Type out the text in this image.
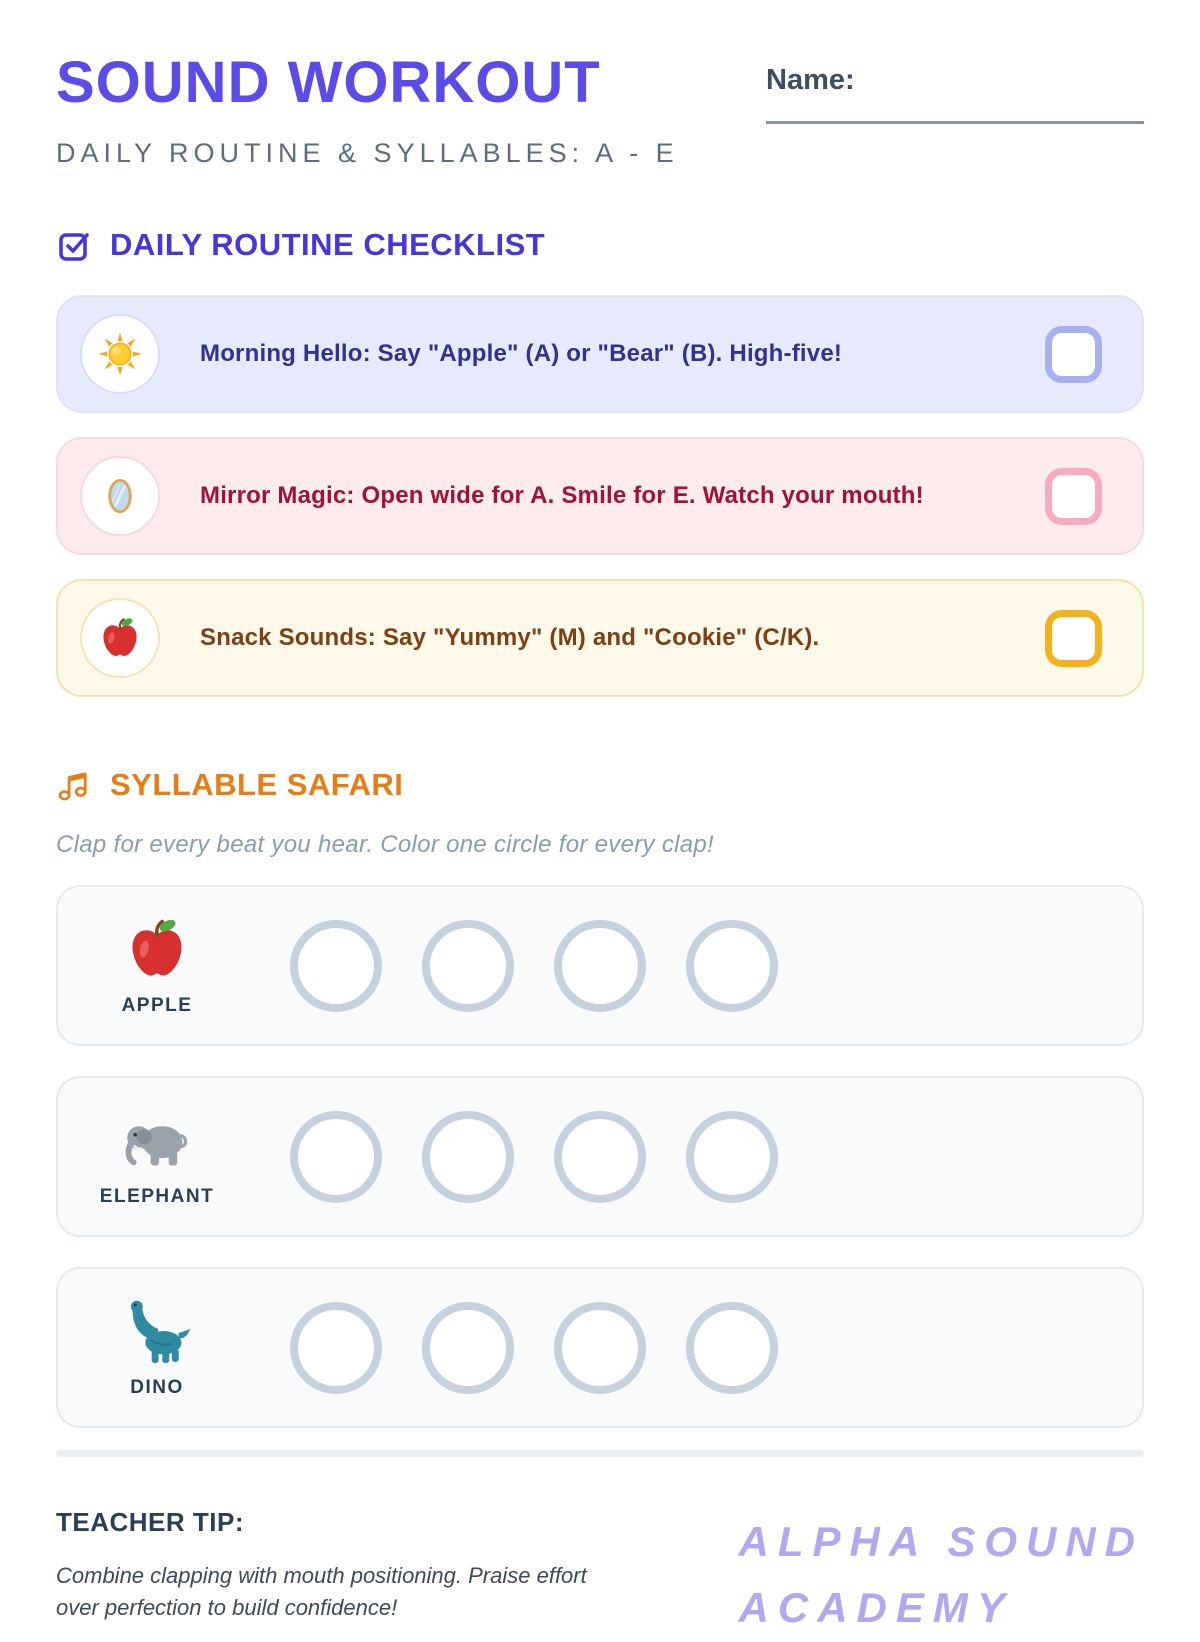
SOUND WORKOUT
DAILY ROUTINE & SYLLABLES: A - E
Name:
DAILY ROUTINE CHECKLIST
Morning Hello: Say "Apple" (A) or "Bear" (B). High-five!
Mirror Magic: Open wide for A. Smile for E. Watch your mouth!
Snack Sounds: Say "Yummy" (M) and "Cookie" (C/K).
SYLLABLE SAFARI
Clap for every beat you hear. Color one circle for every clap!
APPLE
ELEPHANT
DINO
TEACHER TIP:
Combine clapping with mouth positioning. Praise effort over perfection to build confidence!
ALPHA SOUND
ACADEMY
